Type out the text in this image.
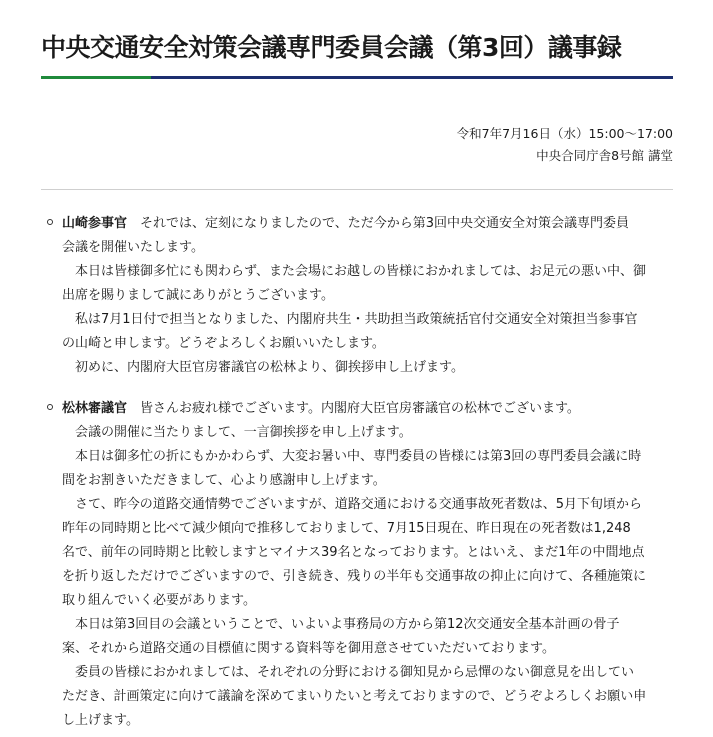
中央交通安全対策会議専門委員会議（第3回）議事録
令和7年7月16日（水）15:00～17:00
中央合同庁舎8号館 講堂
山崎参事官　それでは、定刻になりましたので、ただ今から第3回中央交通安全対策会議専門委員
会議を開催いたします。
　本日は皆様御多忙にも関わらず、また会場にお越しの皆様におかれましては、お足元の悪い中、御
出席を賜りまして誠にありがとうございます。
　私は7月1日付で担当となりました、内閣府共生・共助担当政策統括官付交通安全対策担当参事官
の山崎と申します。どうぞよろしくお願いいたします。
　初めに、内閣府大臣官房審議官の松林より、御挨拶申し上げます。
松林審議官　皆さんお疲れ様でございます。内閣府大臣官房審議官の松林でございます。
　会議の開催に当たりまして、一言御挨拶を申し上げます。
　本日は御多忙の折にもかかわらず、大変お暑い中、専門委員の皆様には第3回の専門委員会議に時
間をお割きいただきまして、心より感謝申し上げます。
　さて、昨今の道路交通情勢でございますが、道路交通における交通事故死者数は、5月下旬頃から
昨年の同時期と比べて減少傾向で推移しておりまして、7月15日現在、昨日現在の死者数は1,248
名で、前年の同時期と比較しますとマイナス39名となっております。とはいえ、まだ1年の中間地点
を折り返しただけでございますので、引き続き、残りの半年も交通事故の抑止に向けて、各種施策に
取り組んでいく必要があります。
　本日は第3回目の会議ということで、いよいよ事務局の方から第12次交通安全基本計画の骨子
案、それから道路交通の目標値に関する資料等を御用意させていただいております。
　委員の皆様におかれましては、それぞれの分野における御知見から忌憚のない御意見を出してい
ただき、計画策定に向けて議論を深めてまいりたいと考えておりますので、どうぞよろしくお願い申
し上げます。
